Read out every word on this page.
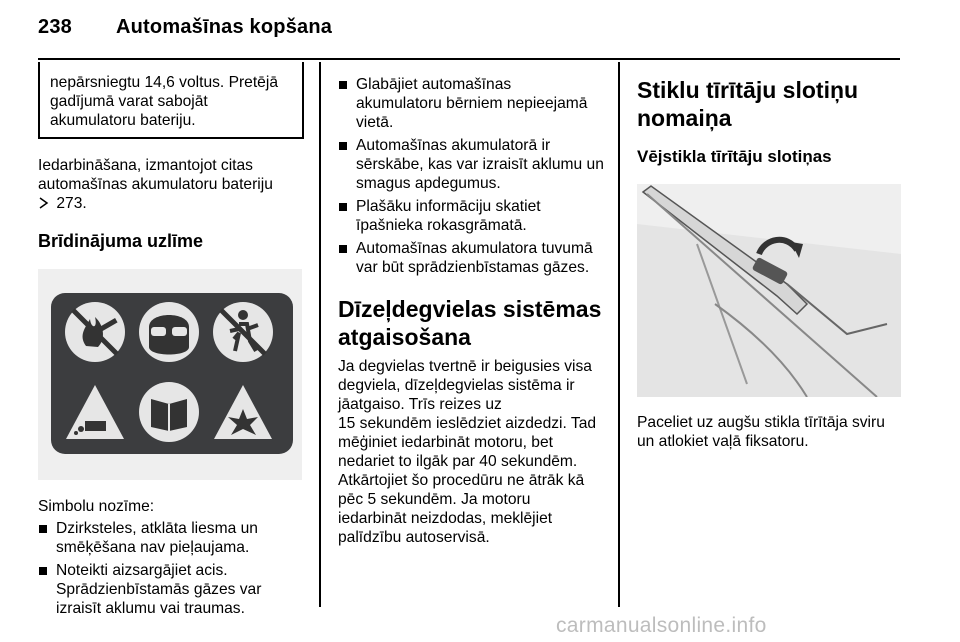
238 Automašīnas kopšana
nepārsniegtu 14,6 voltus. Pretējā
gadījumā varat sabojāt
akumulatoru bateriju.
Iedarbināšana, izmantojot citas
automašīnas akumulatoru bateriju
273.
Brīdinājuma uzlīme
Simbolu nozīme:
Dzirksteles, atklāta liesma un
smēķēšana nav pieļaujama.
Noteikti aizsargājiet acis.
Sprādzienbīstamās gāzes var
izraisīt aklumu vai traumas.
Glabājiet automašīnas
akumulatoru bērniem nepieejamā
vietā.
Automašīnas akumulatorā ir
sērskābe, kas var izraisīt aklumu un
smagus apdegumus.
Plašāku informāciju skatiet
īpašnieka rokasgrāmatā.
Automašīnas akumulatora tuvumā
var būt sprādzienbīstamas gāzes.
Dīzeļdegvielas sistēmas
atgaisošana
Ja degvielas tvertnē ir beigusies visa
degviela, dīzeļdegvielas sistēma ir
jāatgaiso. Trīs reizes uz
15 sekundēm ieslēdziet aizdedzi. Tad
mēģiniet iedarbināt motoru, bet
nedariet to ilgāk par 40 sekundēm.
Atkārtojiet šo procedūru ne ātrāk kā
pēc 5 sekundēm. Ja motoru
iedarbināt neizdodas, meklējiet
palīdzību autoservisā.
Stiklu tīrītāju slotiņu
nomaiņa
Vējstikla tīrītāju slotiņas
Paceliet uz augšu stikla tīrītāja sviru
un atlokiet vaļā fiksatoru.
carmanualsonline.info
